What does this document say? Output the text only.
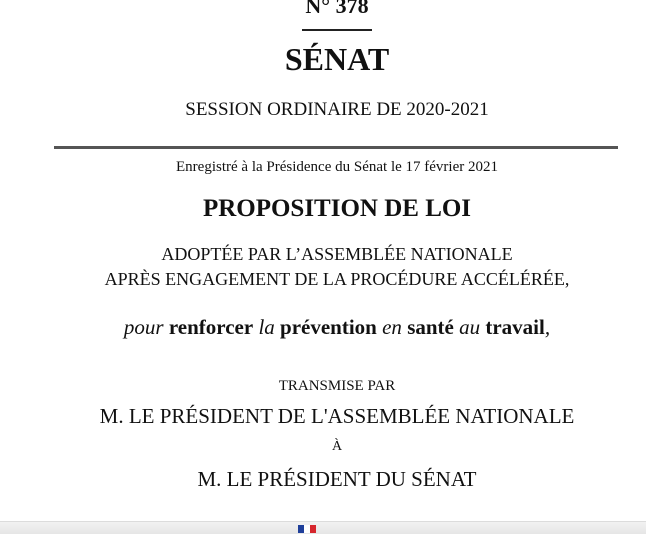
N° 378

SÉNAT

SESSION ORDINAIRE DE 2020-2021

Enregistré à la Présidence du Sénat le 17 février 2021

PROPOSITION DE LOI

ADOPTÉE PAR L’ASSEMBLÉE NATIONALE

APRÈS ENGAGEMENT DE LA PROCÉDURE ACCÉLÉRÉE,

pour renforcer la prévention en santé au travail,

TRANSMISE PAR

M. LE PRÉSIDENT DE L'ASSEMBLÉE NATIONALE

À

M. LE PRÉSIDENT DU SÉNAT
